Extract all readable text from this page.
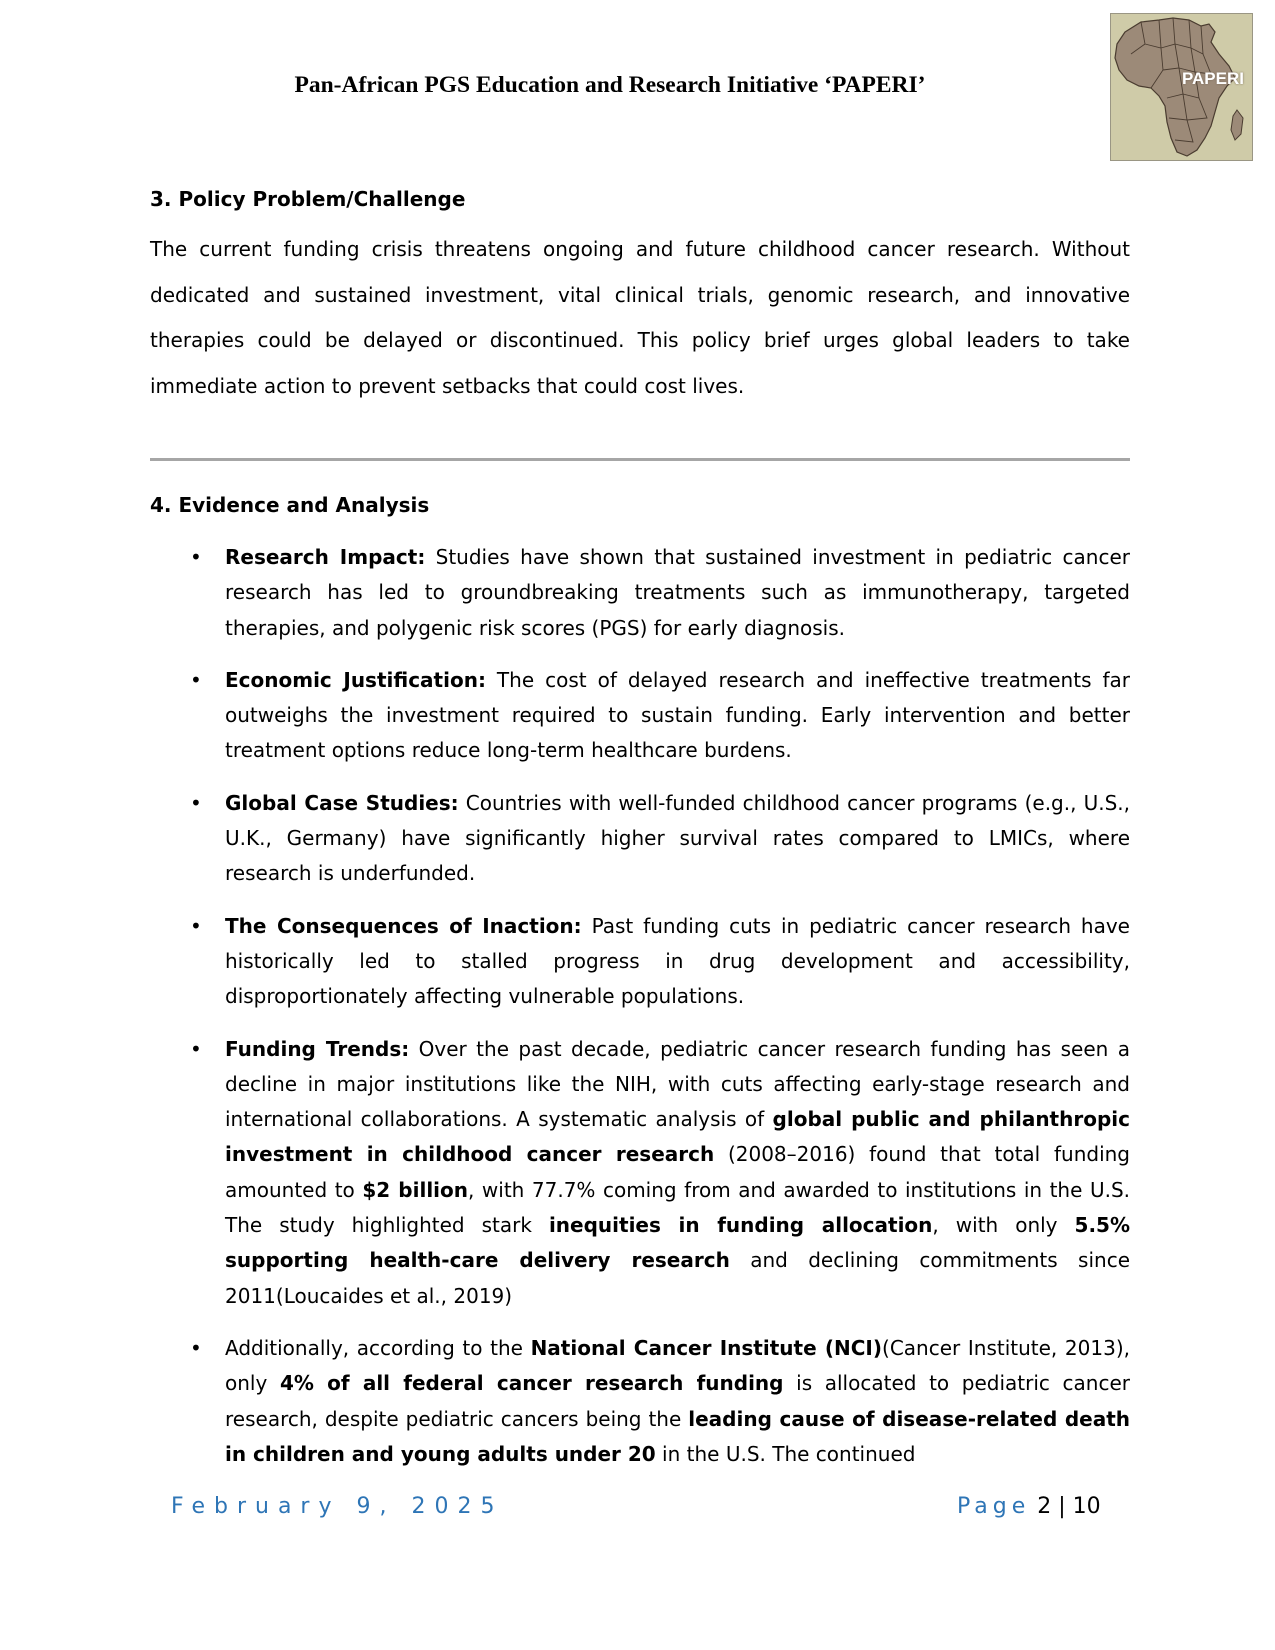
Pan-African PGS Education and Research Initiative ‘PAPERI’	PAPERI
3. Policy Problem/Challenge
The current funding crisis threatens ongoing and future childhood cancer research. Without dedicated and sustained investment, vital clinical trials, genomic research, and innovative therapies could be delayed or discontinued. This policy brief urges global leaders to take immediate action to prevent setbacks that could cost lives.
4. Evidence and Analysis
• Research Impact: Studies have shown that sustained investment in pediatric cancer research has led to groundbreaking treatments such as immunotherapy, targeted therapies, and polygenic risk scores (PGS) for early diagnosis.
• Economic Justification: The cost of delayed research and ineffective treatments far outweighs the investment required to sustain funding. Early intervention and better treatment options reduce long-term healthcare burdens.
• Global Case Studies: Countries with well-funded childhood cancer programs (e.g., U.S., U.K., Germany) have significantly higher survival rates compared to LMICs, where research is underfunded.
• The Consequences of Inaction: Past funding cuts in pediatric cancer research have historically led to stalled progress in drug development and accessibility, disproportionately affecting vulnerable populations.
• Funding Trends: Over the past decade, pediatric cancer research funding has seen a decline in major institutions like the NIH, with cuts affecting early-stage research and international collaborations. A systematic analysis of global public and philanthropic investment in childhood cancer research (2008–2016) found that total funding amounted to $2 billion, with 77.7% coming from and awarded to institutions in the U.S. The study highlighted stark inequities in funding allocation, with only 5.5% supporting health-care delivery research and declining commitments since 2011(Loucaides et al., 2019)
• Additionally, according to the National Cancer Institute (NCI)(Cancer Institute, 2013), only 4% of all federal cancer research funding is allocated to pediatric cancer research, despite pediatric cancers being the leading cause of disease-related death in children and young adults under 20 in the U.S. The continued
February 9, 2025	Page 2 | 10
